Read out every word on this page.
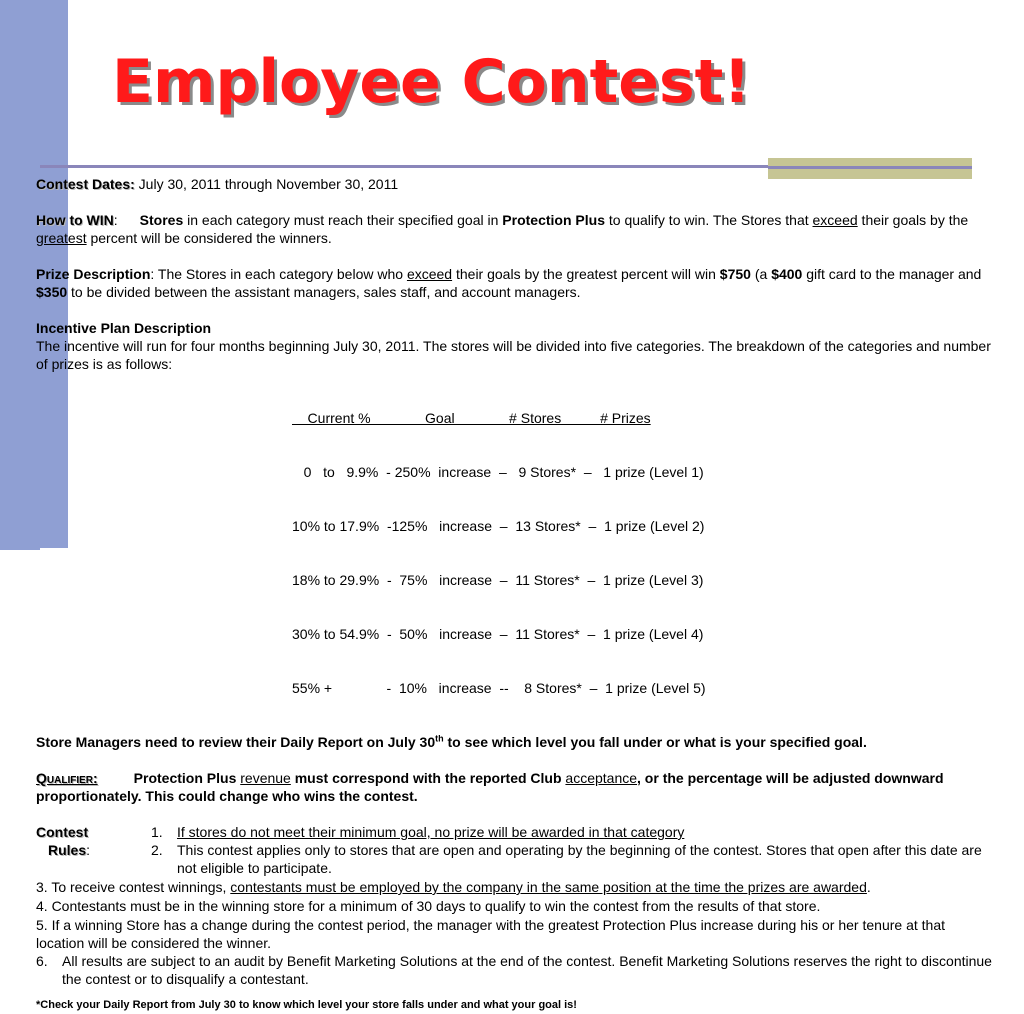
Employee Contest!

Contest Dates: July 30, 2011 through November 30, 2011

How to WIN: Stores in each category must reach their specified goal in Protection Plus to qualify to win. The Stores that exceed their goals by the greatest percent will be considered the winners.

Prize Description: The Stores in each category below who exceed their goals by the greatest percent will win $750 (a $400 gift card to the manager and $350 to be divided between the assistant managers, sales staff, and account managers.

Incentive Plan Description

The incentive will run for four months beginning July 30, 2011. The stores will be divided into five categories. The breakdown of the categories and number of prizes is as follows:

Current %              Goal              # Stores          # Prizes

0   to   9.9%  - 250%  increase  –   9 Stores*  –   1 prize (Level 1)

10% to 17.9%  -125%   increase  –  13 Stores*  –  1 prize (Level 2)

18% to 29.9%  -  75%   increase  –  11 Stores*  –  1 prize (Level 3)

30% to 54.9%  -  50%   increase  –  11 Stores*  –  1 prize (Level 4)

55% +              -  10%   increase  --    8 Stores*  –  1 prize (Level 5)

Store Managers need to review their Daily Report on July 30th to see which level you fall under or what is your specified goal.

Qualifier:	Protection Plus revenue must correspond with the reported Club acceptance, or the percentage will be adjusted downward proportionately. This could change who wins the contest.

Contest	1.	If stores do not meet their minimum goal, no prize will be awarded in that category
Rules:	2.	This contest applies only to stores that are open and operating by the beginning of the contest. Stores that open after this date are not eligible to participate.

3. To receive contest winnings, contestants must be employed by the company in the same position at the time the prizes are awarded.

4. Contestants must be in the winning store for a minimum of 30 days to qualify to win the contest from the results of that store.

5. If a winning Store has a change during the contest period, the manager with the greatest Protection Plus increase during his or her tenure at that location will be considered the winner.

6.	All results are subject to an audit by Benefit Marketing Solutions at the end of the contest. Benefit Marketing Solutions reserves the right to discontinue the contest or to disqualify a contestant.

*Check your Daily Report from July 30 to know which level your store falls under and what your goal is!
